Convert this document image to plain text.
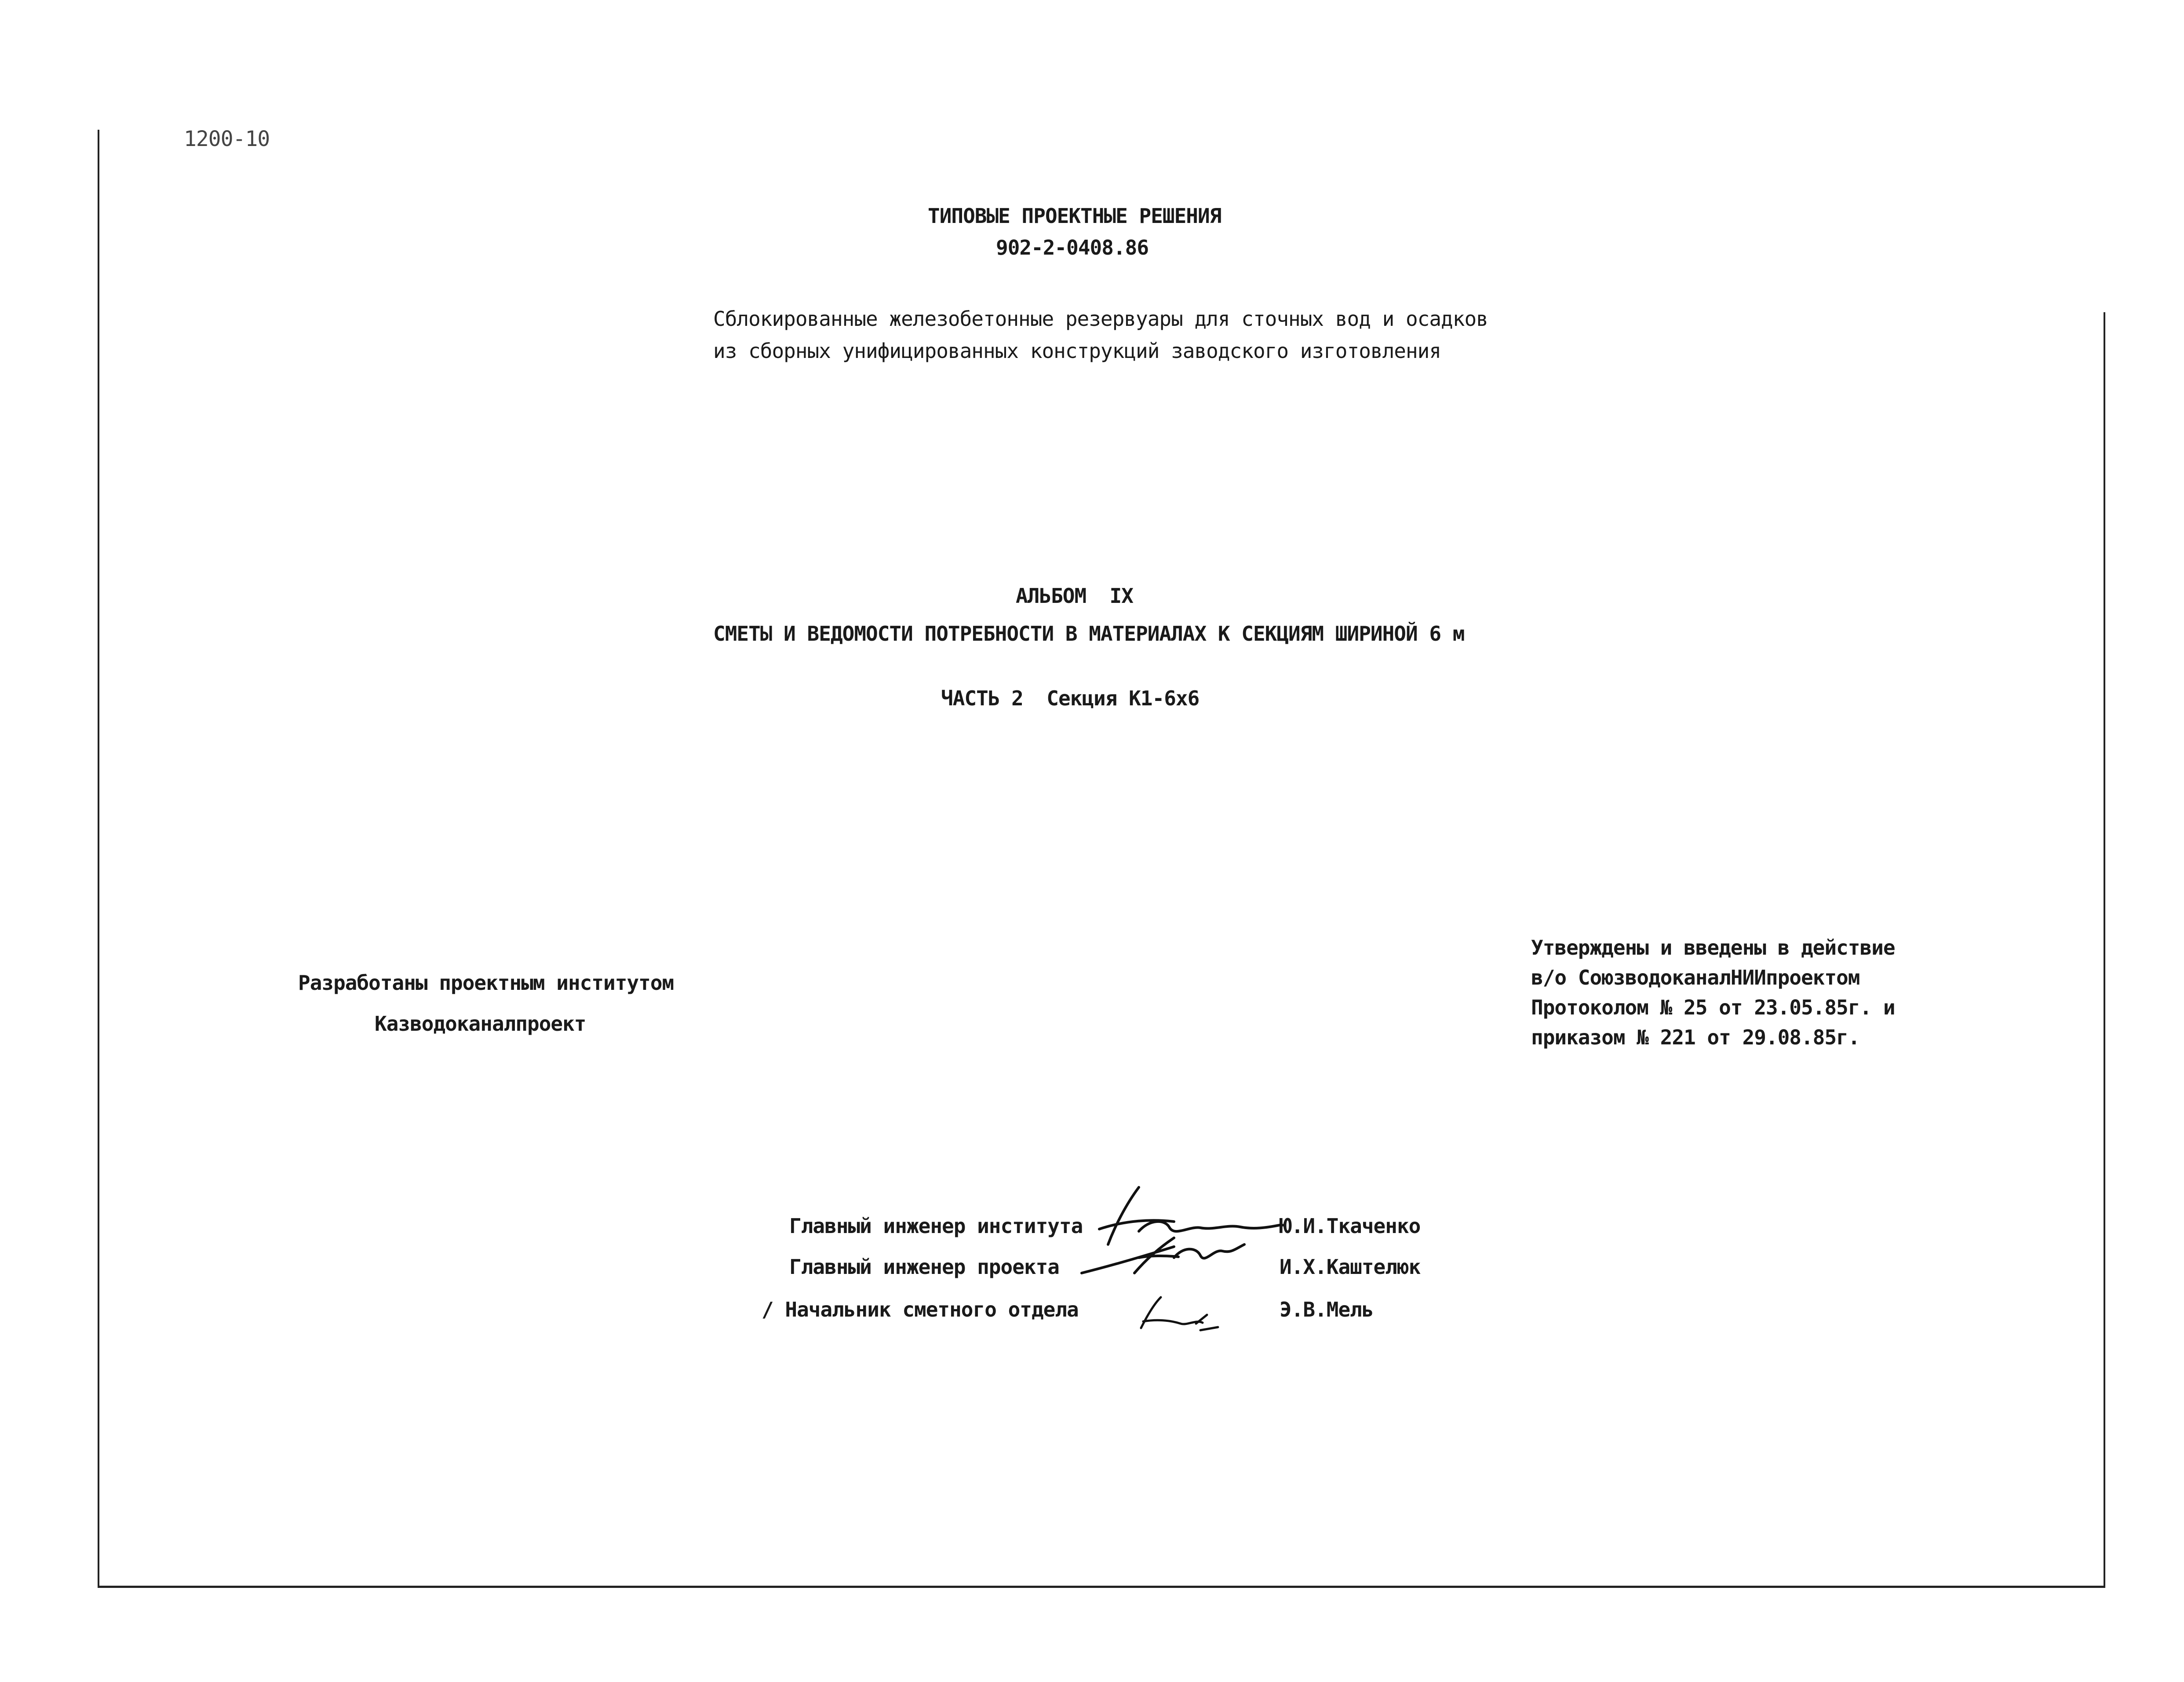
1200-10
ТИПОВЫЕ ПРОЕКТНЫЕ РЕШЕНИЯ
902-2-0408.86
Сблокированные железобетонные резервуары для сточных вод и осадков
из сборных унифицированных конструкций заводского изготовления
АЛЬБОМ  IX
СМЕТЫ И ВЕДОМОСТИ ПОТРЕБНОСТИ В МАТЕРИАЛАХ К СЕКЦИЯМ ШИРИНОЙ 6 м
ЧАСТЬ 2  Секция К1-6х6
Разработаны проектным институтом
Казводоканалпроект
Утверждены и введены в действие
в/о СоюзводоканалНИИпроектом
Протоколом № 25 от 23.05.85г. и
приказом № 221 от 29.08.85г.
Главный инженер института	Ю.И.Ткаченко
Главный инженер проекта	И.Х.Каштелюк
/ Начальник сметного отдела	Э.В.Мель
